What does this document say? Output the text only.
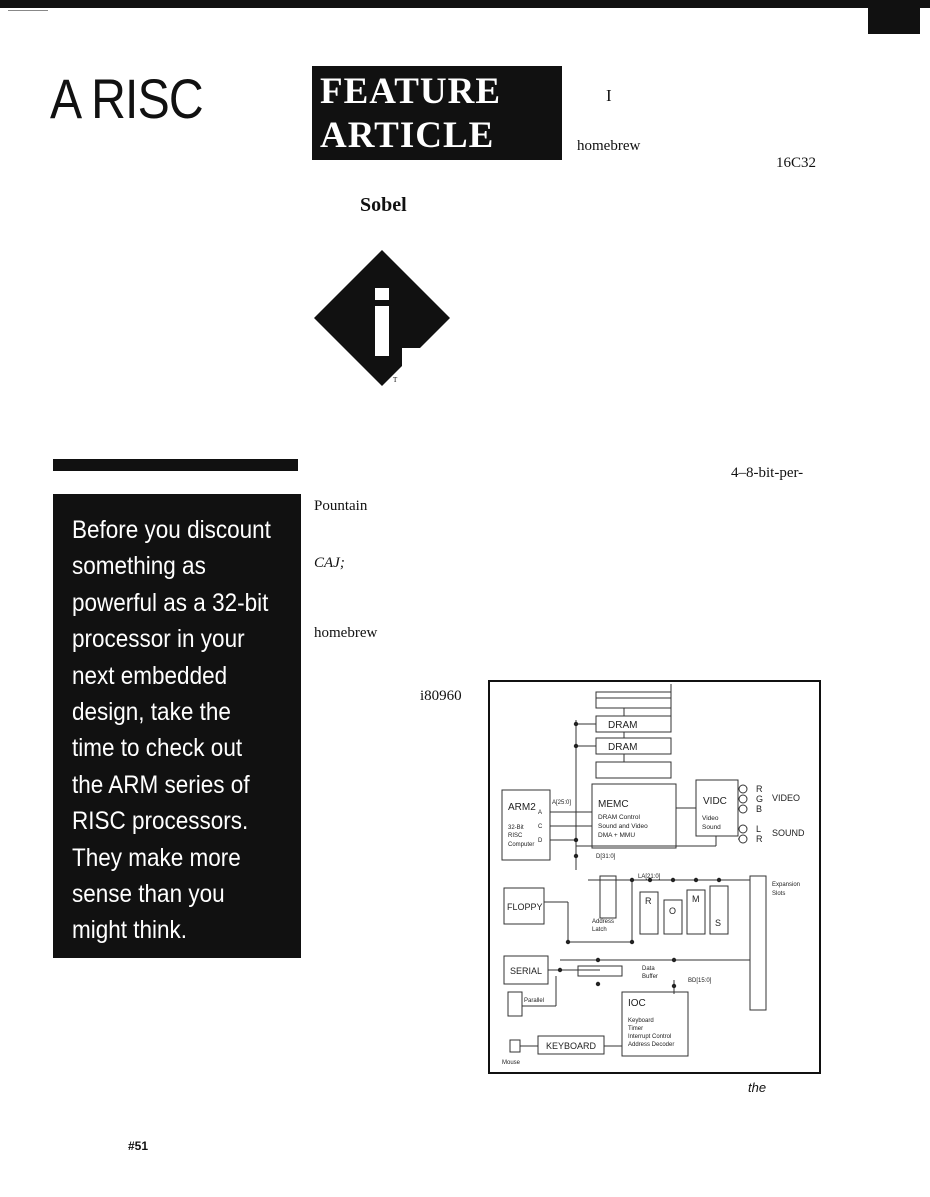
A RISC	FEATURE
ARTICLE
I
homebrew
16C32
Sobel
T
4–8-bit-per-
Before you discount something as powerful as a 32-bit processor in your next embedded design, take the time to check out the ARM series of RISC processors. They make more sense than you might think.
Pountain
CAJ;
homebrew
i80960
DRAM
DRAM
ARM2
32-Bit
RISC
Computer
A
C
D
A[25:0]	MEMC
DRAM Control
Sound and Video
DMA + MMU
VIDC
Video
Sound
R
G
B
VIDEO
L
R
SOUND
D[31:0]
LA[21:0]
FLOPPY
Address
Latch
R
O
M
S
Expansion
Slots
SERIAL	Data
Buffer
BD[15:0]
Parallel	IOC
Keyboard
Timer
Interrupt Control
Address Decoder
KEYBOARD
Mouse
the
#51
